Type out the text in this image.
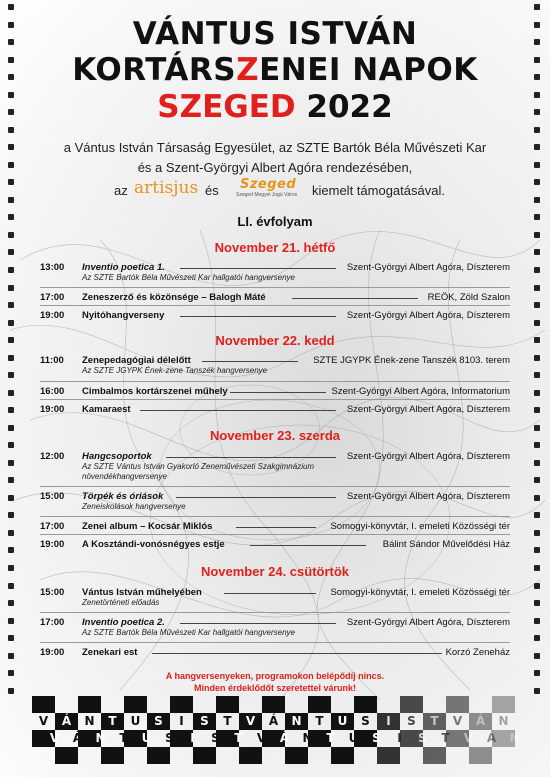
VÁNTUS ISTVÁN
KORTÁRSZENEI NAPOK
SZEGED 2022
a Vántus István Társaság Egyesület, az SZTE Bartók Béla Művészeti Kar
és a Szent-Györgyi Albert Agóra rendezésében,
az artisjus és Szeged
Szeged Megyei Jogú Város kiemelt támogatásával.
LI. évfolyam
November 21. hétfő
13:00	Inventio poetica 1.	Szent-Györgyi Albert Agóra, Díszterem
Az SZTE Bartók Béla Művészeti Kar hallgatói hangversenye
17:00	Zeneszerző és közönsége – Balogh Máté	REÖK, Zöld Szalon
19:00	Nyitóhangverseny	Szent-Györgyi Albert Agóra, Díszterem
November 22. kedd
11:00	Zenepedagógiai délelőtt	SZTE JGYPK Ének-zene Tanszék 8103. terem
Az SZTE JGYPK Ének-zene Tanszék hangversenye
16:00	Cimbalmos kortárszenei műhely	Szent-Györgyi Albert Agóra, Informatorium
19:00	Kamaraest	Szent-Györgyi Albert Agóra, Díszterem
November 23. szerda
12:00	Hangcsoportok	Szent-Györgyi Albert Agóra, Díszterem
Az SZTE Vántus István Gyakorló Zeneművészeti Szakgimnázium
növendékhangversenye
15:00	Törpék és óriások	Szent-Györgyi Albert Agóra, Díszterem
Zeneiskolások hangversenye
17:00	Zenei album – Kocsár Miklós	Somogyi-könyvtár, I. emeleti Közösségi tér
19:00	A Kosztándi-vonósnégyes estje	Bálint Sándor Művelődési Ház
November 24. csütörtök
15:00	Vántus István műhelyében	Somogyi-könyvtár, I. emeleti Közösségi tér
Zenetörténeti előadás
17:00	Inventio poetica 2.	Szent-Györgyi Albert Agóra, Díszterem
Az SZTE Bartók Béla Művészeti Kar hallgatói hangversenye
19:00	Zenekari est	Korzó Zeneház
A hangversenyeken, programokon belépődíj nincs.
Minden érdeklődőt szeretettel várunk!
V	Á	N	T	U	S	I	S	T	V	Á	N	T	U	S	I	S	T	V	Á	N
V	Á	N	T	U	S	I	S	T	V	Á	N	T	U	S	I	S	T	V	Á	N
